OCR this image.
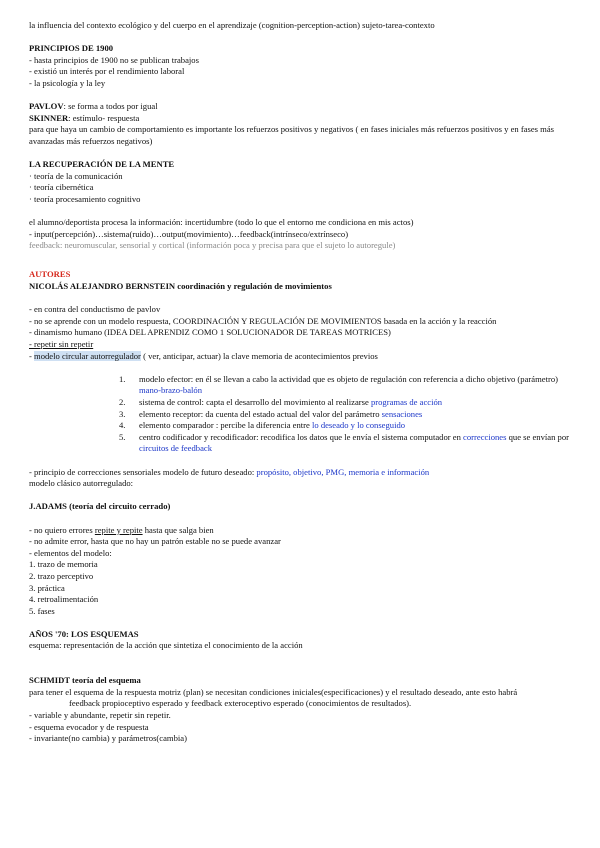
la influencia del contexto ecológico y del cuerpo en el aprendizaje (cognition-perception-action) sujeto-tarea-contexto

PRINCIPIOS DE 1900

- hasta principios de 1900 no se publican trabajos

- existió un interés por el rendimiento laboral

- la psicología y la ley

PAVLOV: se forma a todos por igual

SKINNER: estímulo- respuesta

para que haya un cambio de comportamiento es importante los refuerzos positivos y negativos ( en fases iniciales más refuerzos positivos y en fases más avanzadas más refuerzos negativos)

LA RECUPERACIÓN DE LA MENTE

· teoría de la comunicación

· teoría cibernética

· teoría procesamiento cognitivo

el alumno/deportista procesa la información: incertidumbre (todo lo que el entorno me condiciona en mis actos)

- input(percepción)…sistema(ruido)…output(movimiento)…feedback(intrínseco/extrínseco)

feedback: neuromuscular, sensorial y cortical (información poca y precisa para que el sujeto lo autoregule)

AUTORES

NICOLÁS ALEJANDRO BERNSTEIN coordinación y regulación de movimientos

- en contra del conductismo de pavlov

- no se aprende con un modelo respuesta, COORDINACIÓN Y REGULACIÓN DE MOVIMIENTOS basada en la acción y la reacción

- dinamismo humano (IDEA DEL APRENDIZ COMO 1 SOLUCIONADOR DE TAREAS MOTRICES)

- repetir sin repetir

- modelo circular autorregulador ( ver, anticipar, actuar) la clave memoria de acontecimientos previos

1. modelo efector: en él se llevan a cabo la actividad que es objeto de regulación con referencia a dicho objetivo (parámetro) mano-brazo-balón
2. sistema de control: capta el desarrollo del movimiento al realizarse programas de acción
3. elemento receptor: da cuenta del estado actual del valor del parámetro sensaciones
4. elemento comparador : percibe la diferencia entre lo deseado y lo conseguido
5. centro codificador y recodificador: recodifica los datos que le envía el sistema computador en correcciones que se envían por circuitos de feedback

- principio de correcciones sensoriales modelo de futuro deseado: propósito, objetivo, PMG, memoria e información

modelo clásico autorregulado:

J.ADAMS (teoría del circuito cerrado)

- no quiero errores repite y repite hasta que salga bien

- no admite error, hasta que no hay un patrón estable no se puede avanzar

- elementos del modelo:

1. trazo de memoria

2. trazo perceptivo

3. práctica

4. retroalimentación

5. fases

AÑOS '70: LOS ESQUEMAS

esquema: representación de la acción que sintetiza el conocimiento de la acción

SCHMIDT teoría del esquema

para tener el esquema de la respuesta motriz (plan) se necesitan condiciones iniciales(especificaciones) y el resultado deseado, ante esto habrá

feedback propioceptivo esperado y feedback exteroceptivo esperado (conocimientos de resultados).

- variable y abundante, repetir sin repetir.

- esquema evocador y de respuesta

- invariante(no cambia) y parámetros(cambia)
